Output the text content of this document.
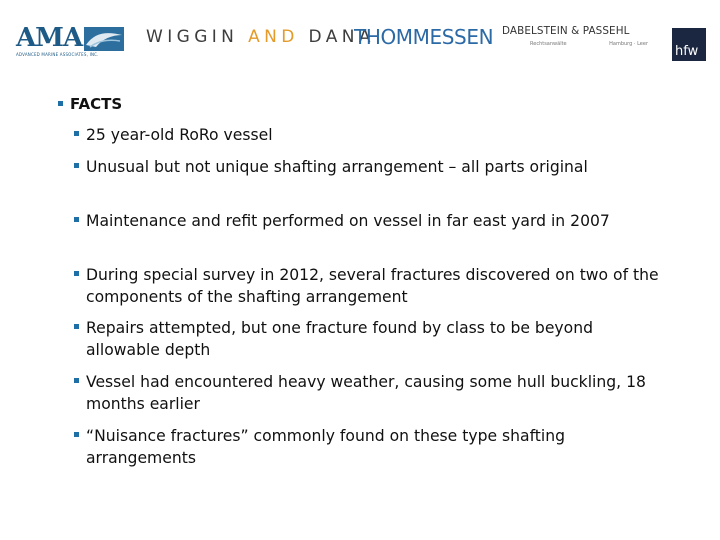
AMA
ADVANCED MARINE ASSOCIATES, INC.
WIGGIN AND DANA
THOMMESSEN DABELSTEIN & PASSEHL
Rechtsanwälte	Hamburg · Leer hfw
FACTS
25 year-old RoRo vessel
Unusual but not unique shafting arrangement – all parts original
Maintenance and refit performed on vessel in far east yard in 2007
During special survey in 2012, several fractures discovered on two of the components of the shafting arrangement
Repairs attempted, but one fracture found by class to be beyond allowable depth
Vessel had encountered heavy weather, causing some hull buckling, 18 months earlier
“Nuisance fractures” commonly found on these type shafting arrangements
